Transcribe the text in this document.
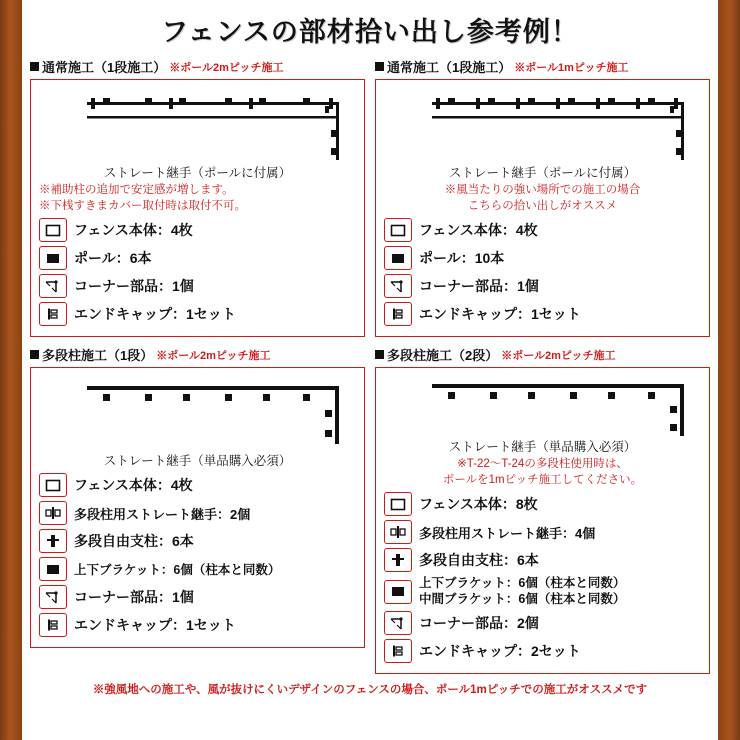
フェンスの部材拾い出し参考例！
通常施工（1段施工） ※ポール2mピッチ施工
ストレート継手（ポールに付属）
※補助柱の追加で安定感が増します。
※下桟すきまカバー取付時は取付不可。
フェンス本体：4枚
ポール：6本
コーナー部品：1個
エンドキャップ：1セット
通常施工（1段施工） ※ポール1mピッチ施工
ストレート継手（ポールに付属）
※風当たりの強い場所での施工の場合
こちらの拾い出しがオススメ
フェンス本体：4枚
ポール：10本
コーナー部品：1個
エンドキャップ：1セット
多段柱施工（1段） ※ポール2mピッチ施工
ストレート継手（単品購入必須）
フェンス本体：4枚
多段柱用ストレート継手：2個
多段自由支柱：6本
上下ブラケット：6個（柱本と同数）
コーナー部品：1個
エンドキャップ：1セット
多段柱施工（2段） ※ポール2mピッチ施工
ストレート継手（単品購入必須）
※T-22～T-24の多段柱使用時は、
ポールを1mピッチ施工してください。
フェンス本体：8枚
多段柱用ストレート継手：4個
多段自由支柱：6本
上下ブラケット：6個（柱本と同数）
中間ブラケット：6個（柱本と同数）
コーナー部品：2個
エンドキャップ：2セット
※強風地への施工や、風が抜けにくいデザインのフェンスの場合、ポール1mピッチでの施工がオススメです
